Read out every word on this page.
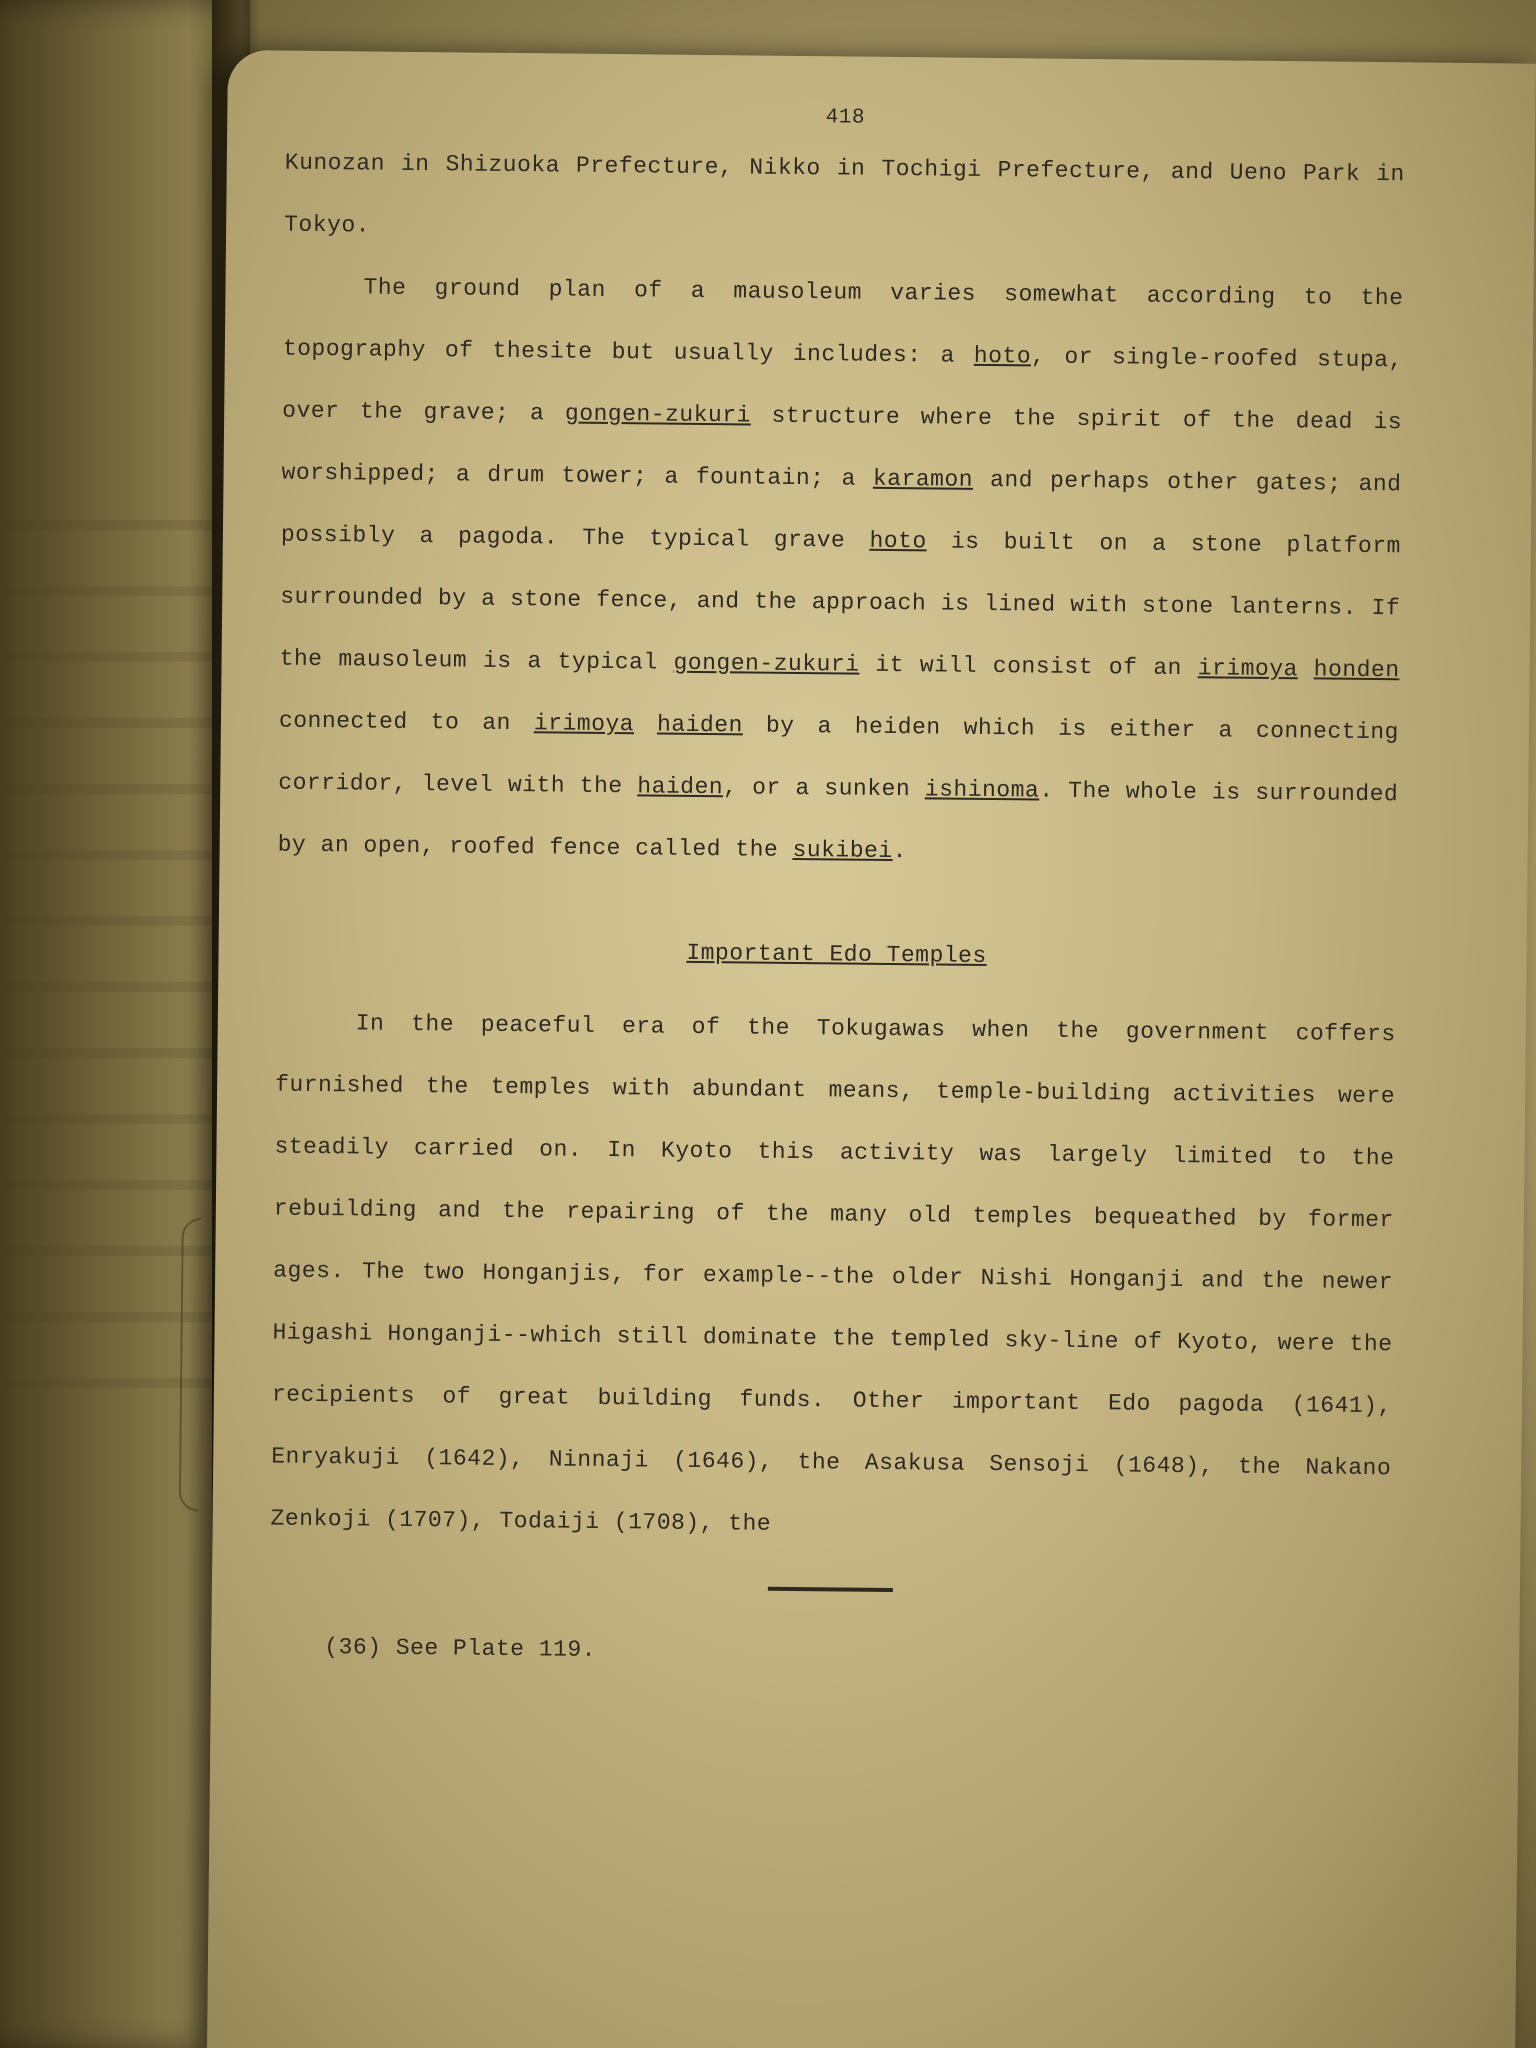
418

Kunozan in Shizuoka Prefecture, Nikko in Tochigi Prefecture, and Ueno Park in Tokyo.

The ground plan of a mausoleum varies somewhat according to the topography of thesite but usually includes: a hoto, or single-roofed stupa, over the grave; a gongen-zukuri structure where the spirit of the dead is worshipped; a drum tower; a fountain; a karamon and perhaps other gates; and possibly a pagoda. The typical grave hoto is built on a stone platform surrounded by a stone fence, and the approach is lined with stone lanterns. If the mausoleum is a typical gongen-zukuri it will consist of an irimoya honden connected to an irimoya haiden by a heiden which is either a connecting corridor, level with the haiden, or a sunken ishinoma. The whole is surrounded by an open, roofed fence called the sukibei.

Important Edo Temples

In the peaceful era of the Tokugawas when the government coffers furnished the temples with abundant means, temple-building activities were steadily carried on. In Kyoto this activity was largely limited to the rebuilding and the repairing of the many old temples bequeathed by former ages. The two Honganjis, for example--the older Nishi Honganji and the newer Higashi Honganji--which still dominate the templed sky-line of Kyoto, were the recipients of great building funds. Other important Edo pagoda (1641), Enryakuji (1642), Ninnaji (1646), the Asakusa Sensoji (1648), the Nakano Zenkoji (1707), Todaiji (1708), the

(36) See Plate 119.
